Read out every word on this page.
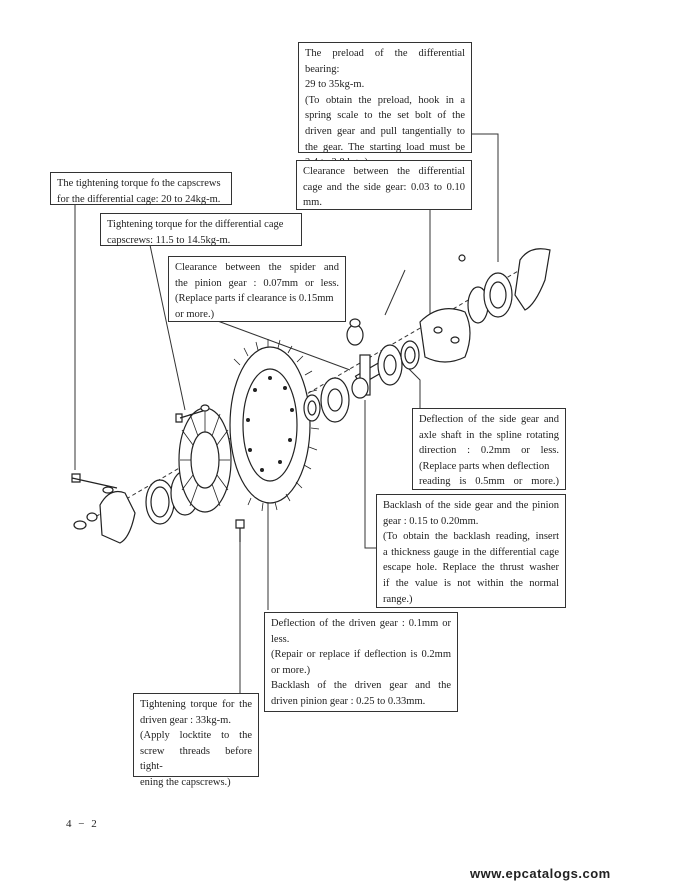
The preload of the differential bearing:

29 to 35kg-m.

(To obtain the preload, hook in a

spring scale to the set bolt of the

driven gear and pull tangentially to

the gear. The starting load must be

Clearance between the differential

cage and the side gear: 0.03 to 0.10

mm.

The tightening torque fo the capscrews

for the differential cage: 20 to 24kg-m.

Tightening torque for the differential cage

capscrews: 11.5 to 14.5kg-m.

Clearance between the spider and

the pinion gear : 0.07mm or less.

(Replace parts if clearance is 0.15mm

or more.)

Deflection of the side gear and

axle shaft in the spline rotating

direction : 0.2mm or less.

(Replace parts when deflection

reading is 0.5mm or more.)

Backlash of the side gear and the pinion

gear : 0.15 to 0.20mm.

(To obtain the backlash reading, insert

a thickness gauge in the differential cage

escape hole. Replace the thrust washer

if the value is not within the normal

range.)

Deflection of the driven gear : 0.1mm or

less.

(Repair or replace if deflection is 0.2mm

or more.)

Backlash of the driven gear and the

driven pinion gear : 0.25 to 0.33mm.

Tightening torque for the

driven gear : 33kg-m.

(Apply locktite to the

screw threads before tight-

ening the capscrews.)

4 − 2
www.epcatalogs.com
